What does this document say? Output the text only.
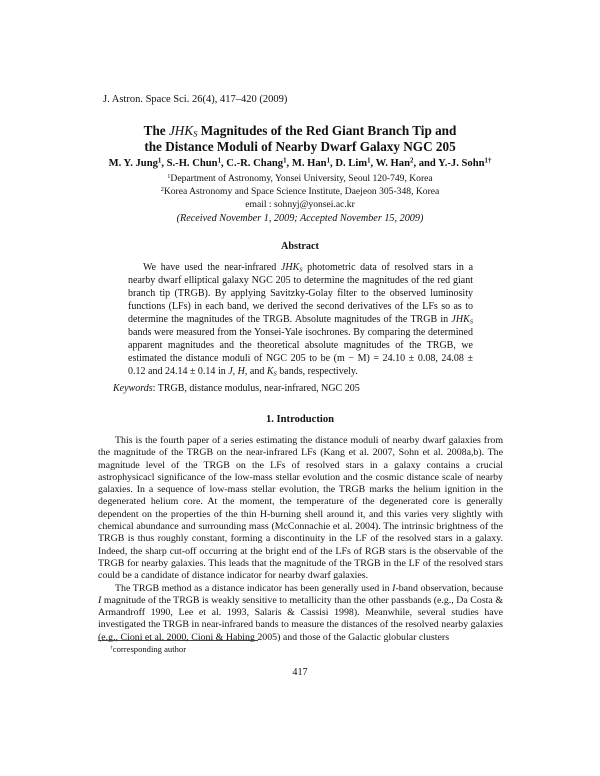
J. Astron. Space Sci. 26(4), 417–420 (2009)
The $JHK_S$ Magnitudes of the Red Giant Branch Tip and
the Distance Moduli of Nearby Dwarf Galaxy NGC 205
M. Y. Jung$^1$, S.-H. Chun$^1$, C.-R. Chang$^1$, M. Han$^1$, D. Lim$^1$, W. Han$^2$, and Y.-J. Sohn$^{1\dagger}$
$^1$Department of Astronomy, Yonsei University, Seoul 120-749, Korea
$^2$Korea Astronomy and Space Science Institute, Daejeon 305-348, Korea
email : sohnyj@yonsei.ac.kr
(Received November 1, 2009; Accepted November 15, 2009)
Abstract

We have used the near-infrared $JHK_S$ photometric data of resolved stars in a nearby dwarf elliptical galaxy NGC 205 to determine the magnitudes of the red giant branch tip (TRGB). By applying Savitzky-Golay filter to the observed luminosity functions (LFs) in each band, we derived the second derivatives of the LFs so as to determine the magnitudes of the TRGB. Absolute magnitudes of the TRGB in $JHK_S$ bands were measured from the Yonsei-Yale isochrones. By comparing the determined apparent magnitudes and the theoretical absolute magnitudes of the TRGB, we estimated the distance moduli of NGC 205 to be (m − M) = 24.10 ± 0.08, 24.08 ± 0.12 and 24.14 ± 0.14 in J, H, and $K_S$ bands, respectively.

Keywords: TRGB, distance modulus, near-infrared, NGC 205
1. Introduction

This is the fourth paper of a series estimating the distance moduli of nearby dwarf galaxies from the magnitude of the TRGB on the near-infrared LFs (Kang et al. 2007, Sohn et al. 2008a,b). The magnitude level of the TRGB on the LFs of resolved stars in a galaxy contains a crucial astrophysicacl significance of the low-mass stellar evolution and the cosmic distance scale of nearby galaxies. In a sequence of low-mass stellar evolution, the TRGB marks the helium ignition in the degenerated helium core. At the moment, the temperature of the degenerated core is generally dependent on the properties of the thin H-burning shell around it, and this varies very slightly with chemical abundance and surrounding mass (McConnachie et al. 2004). The intrinsic brightness of the TRGB is thus roughly constant, forming a discontinuity in the LF of the resolved stars in a galaxy. Indeed, the sharp cut-off occurring at the bright end of the LFs of RGB stars is the observable of the TRGB for nearby galaxies. This leads that the magnitude of the TRGB in the LF of the resolved stars could be a candidate of distance indicator for nearby dwarf galaxies.

The TRGB method as a distance indicator has been generally used in I-band observation, because I magnitude of the TRGB is weakly sensitive to metallicity than the other passbands (e.g., Da Costa & Armandroff 1990, Lee et al. 1993, Salaris & Cassisi 1998). Meanwhile, several studies have investigated the TRGB in near-infrared bands to measure the distances of the resolved nearby galaxies (e.g., Cioni et al. 2000, Cioni & Habing 2005) and those of the Galactic globular clusters

†corresponding author
417
